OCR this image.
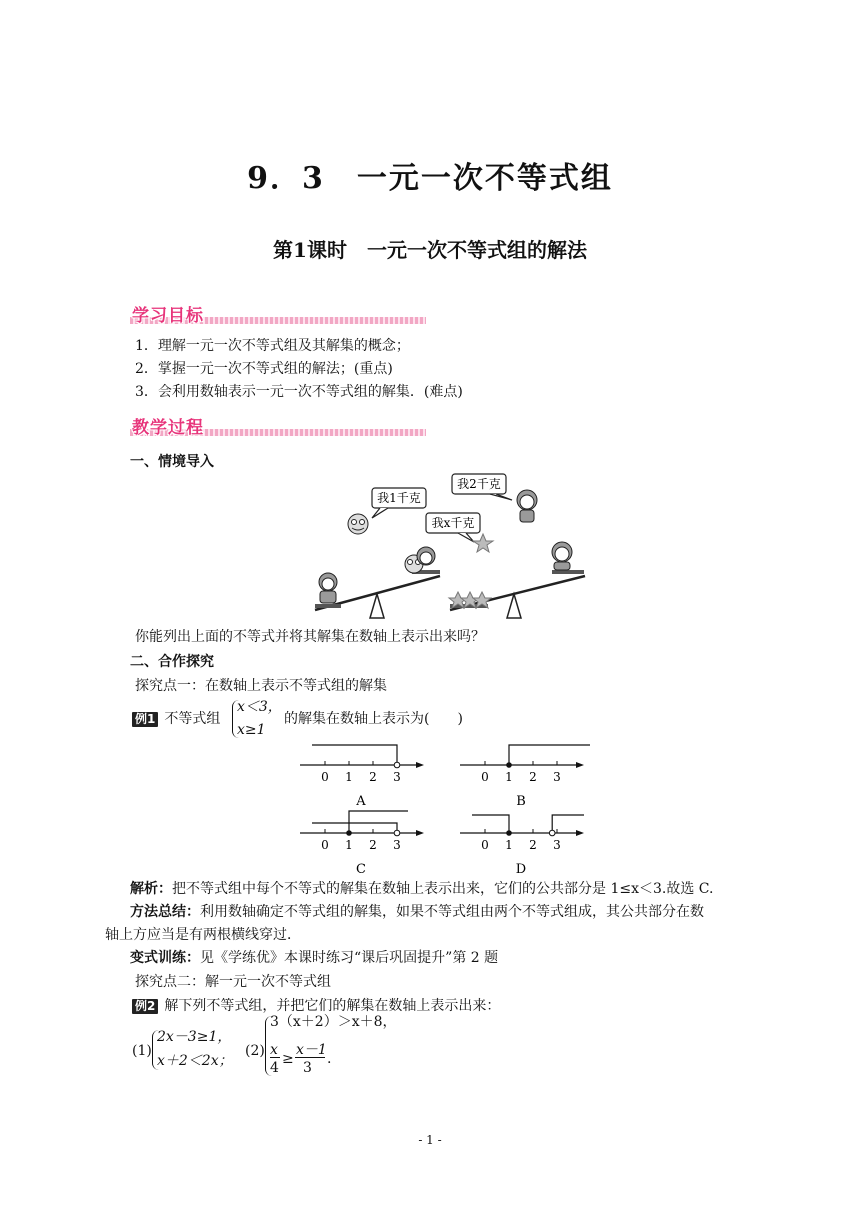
9．3　一元一次不等式组
第1课时　一元一次不等式组的解法
学习目标
1．理解一元一次不等式组及其解集的概念；
2．掌握一元一次不等式组的解法；(重点)
3．会利用数轴表示一元一次不等式组的解集．(难点)
教学过程
一、情境导入
我1千克
我2千克
我x千克
你能列出上面的不等式并将其解集在数轴上表示出来吗？
二、合作探究
探究点一：在数轴上表示不等式组的解集
例1 不等式组
x＜3，
x≥1
的解集在数轴上表示为(　　)
0 1 2 3
A
0 1 2 3
B
0 1 2 3
C
0 1 2 3
D
解析：把不等式组中每个不等式的解集在数轴上表示出来，它们的公共部分是 1≤x＜3.故选 C.
方法总结：利用数轴确定不等式组的解集，如果不等式组由两个不等式组成，其公共部分在数
轴上方应当是有两根横线穿过．
变式训练：见《学练优》本课时练习“课后巩固提升”第 2 题
探究点二：解一元一次不等式组
例2 解下列不等式组，并把它们的解集在数轴上表示出来：
(1)
2x－3≥1，
x＋2＜2x；
(2)
3（x＋2）＞x＋8，
x
4
≥
x－1
3
.
- 1 -
